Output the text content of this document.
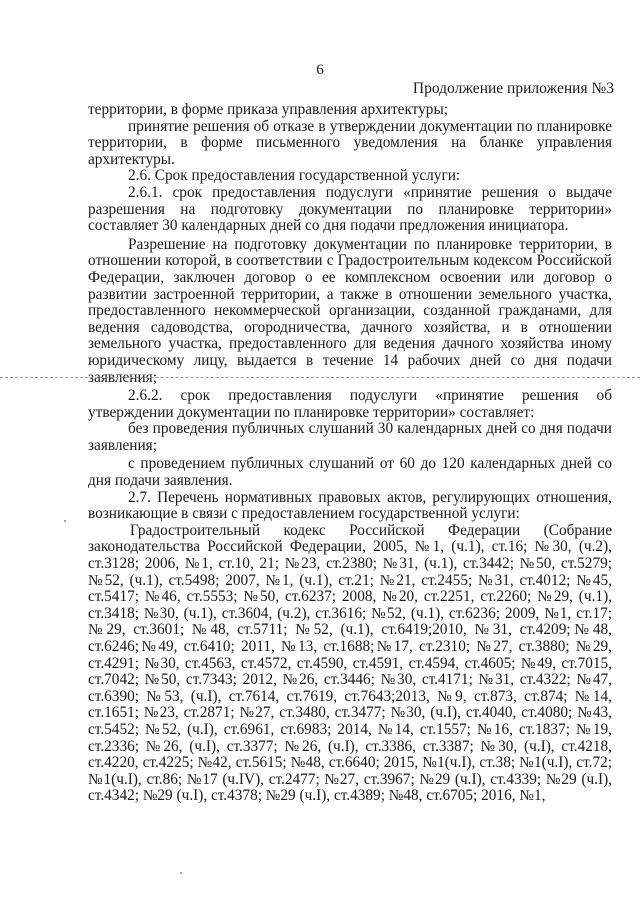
6
Продолжение приложения №3

территории, в форме приказа управления архитектуры;

принятие решения об отказе в утверждении документации по планировке территории, в форме письменного уведомления на бланке управления архитектуры.

2.6. Срок предоставления государственной услуги:

2.6.1. срок предоставления подуслуги «принятие решения о выдаче разрешения на подготовку документации по планировке территории» составляет 30 календарных дней со дня подачи предложения инициатора.

Разрешение на подготовку документации по планировке территории, в отношении которой, в соответствии с Градостроительным кодексом Российской Федерации, заключен договор о ее комплексном освоении или договор о развитии застроенной территории, а также в отношении земельного участка, предоставленного некоммерческой организации, созданной гражданами, для ведения садоводства, огородничества, дачного хозяйства, и в отношении земельного участка, предоставленного для ведения дачного хозяйства иному юридическому лицу, выдается в течение 14 рабочих дней со дня подачи заявления;

2.6.2. срок предоставления подуслуги «принятие решения об утверждении документации по планировке территории» составляет:

без проведения публичных слушаний 30 календарных дней со дня подачи заявления;

с проведением публичных слушаний от 60 до 120 календарных дней со дня подачи заявления.

2.7. Перечень нормативных правовых актов, регулирующих отношения, возникающие в связи с предоставлением государственной услуги:

Градостроительный кодекс Российской Федерации (Собрание законодательства Российской Федерации, 2005, №1, (ч.1), ст.16; №30, (ч.2), ст.3128; 2006, №1, ст.10, 21; №23, ст.2380; №31, (ч.1), ст.3442; №50, ст.5279; №52, (ч.1), ст.5498; 2007, №1, (ч.1), ст.21; №21, ст.2455; №31, ст.4012; №45, ст.5417; №46, ст.5553; №50, ст.6237; 2008, №20, ст.2251, ст.2260; №29, (ч.1), ст.3418; №30, (ч.1), ст.3604, (ч.2), ст.3616; №52, (ч.1), ст.6236; 2009, №1, ст.17; №29, ст.3601; №48, ст.5711; №52, (ч.1), ст.6419;2010, №31, ст.4209;№48, ст.6246;№49, ст.6410; 2011, №13, ст.1688;№17, ст.2310; №27, ст.3880; №29, ст.4291; №30, ст.4563, ст.4572, ст.4590, ст.4591, ст.4594, ст.4605; №49, ст.7015, ст.7042; №50, ст.7343; 2012, №26, ст.3446; №30, ст.4171; №31, ст.4322; №47, ст.6390; №53, (ч.I), ст.7614, ст.7619, ст.7643;2013, №9, ст.873, ст.874; №14, ст.1651; №23, ст.2871; №27, ст.3480, ст.3477; №30, (ч.I), ст.4040, ст.4080; №43, ст.5452; №52, (ч.I), ст.6961, ст.6983; 2014, №14, ст.1557; №16, ст.1837; №19, ст.2336; №26, (ч.I), ст.3377; №26, (ч.I), ст.3386, ст.3387; №30, (ч.I), ст.4218, ст.4220, ст.4225; №42, ст.5615; №48, ст.6640; 2015, №1(ч.I), ст.38; №1(ч.I), ст.72; №1(ч.I), ст.86; №17 (ч.IV), ст.2477; №27, ст.3967; №29 (ч.I), ст.4339; №29 (ч.I), ст.4342; №29 (ч.I), ст.4378; №29 (ч.I), ст.4389; №48, ст.6705; 2016, №1,
